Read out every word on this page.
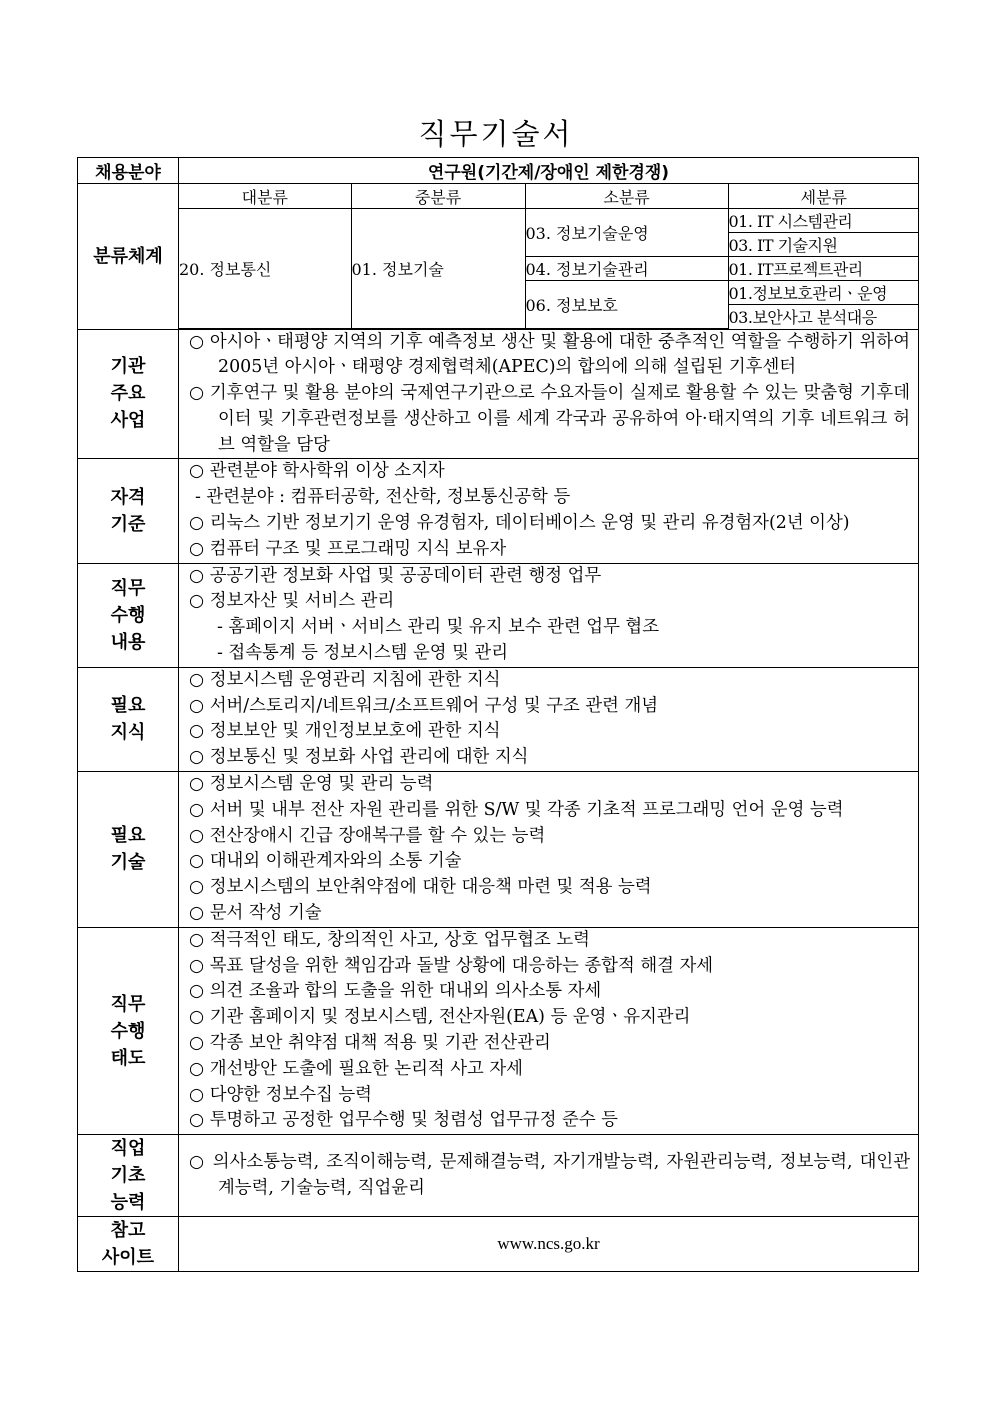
직무기술서
채용분야	연구원(기간제/장애인 제한경쟁)
분류체계	
대분류	중분류	소분류	세분류
20. 정보통신	01. 정보기술	03. 정보기술운영	01. IT 시스템관리
03. IT 기술지원
04. 정보기술관리	01. IT프로젝트관리
06. 정보보호	01.정보보호관리ㆍ운영
03.보안사고 분석대응

기관
주요
사업	
○ 아시아ㆍ태평양 지역의 기후 예측정보 생산 및 활용에 대한 중추적인 역할을 수행하기 위하여 2005년 아시아ㆍ태평양 경제협력체(APEC)의 합의에 의해 설립된 기후센터
○ 기후연구 및 활용 분야의 국제연구기관으로 수요자들이 실제로 활용할 수 있는 맞춤형 기후데이터 및 기후관련정보를 생산하고 이를 세계 각국과 공유하여 아·태지역의 기후 네트워크 허브 역할을 담당

자격
기준	
○ 관련분야 학사학위 이상 소지자
- 관련분야 : 컴퓨터공학, 전산학, 정보통신공학 등
○ 리눅스 기반 정보기기 운영 유경험자, 데이터베이스 운영 및 관리 유경험자(2년 이상)
○ 컴퓨터 구조 및 프로그래밍 지식 보유자

직무
수행
내용	
○ 공공기관 정보화 사업 및 공공데이터 관련 행정 업무
○ 정보자산 및 서비스 관리
- 홈페이지 서버ㆍ서비스 관리 및 유지 보수 관련 업무 협조
- 접속통계 등 정보시스템 운영 및 관리

필요
지식	
○ 정보시스템 운영관리 지침에 관한 지식
○ 서버/스토리지/네트워크/소프트웨어 구성 및 구조 관련 개념
○ 정보보안 및 개인정보보호에 관한 지식
○ 정보통신 및 정보화 사업 관리에 대한 지식

필요
기술	
○ 정보시스템 운영 및 관리 능력
○ 서버 및 내부 전산 자원 관리를 위한 S/W 및 각종 기초적 프로그래밍 언어 운영 능력
○ 전산장애시 긴급 장애복구를 할 수 있는 능력
○ 대내외 이해관계자와의 소통 기술
○ 정보시스템의 보안취약점에 대한 대응책 마련 및 적용 능력
○ 문서 작성 기술

직무
수행
태도	
○ 적극적인 태도, 창의적인 사고, 상호 업무협조 노력
○ 목표 달성을 위한 책임감과 돌발 상황에 대응하는 종합적 해결 자세
○ 의견 조율과 합의 도출을 위한 대내외 의사소통 자세
○ 기관 홈페이지 및 정보시스템, 전산자원(EA) 등 운영ㆍ유지관리
○ 각종 보안 취약점 대책 적용 및 기관 전산관리
○ 개선방안 도출에 필요한 논리적 사고 자세
○ 다양한 정보수집 능력
○ 투명하고 공정한 업무수행 및 청렴성 업무규정 준수 등

직업
기초
능력	
○ 의사소통능력, 조직이해능력, 문제해결능력, 자기개발능력, 자원관리능력, 정보능력, 대인관계능력, 기술능력, 직업윤리

참고
사이트	www.ncs.go.kr
